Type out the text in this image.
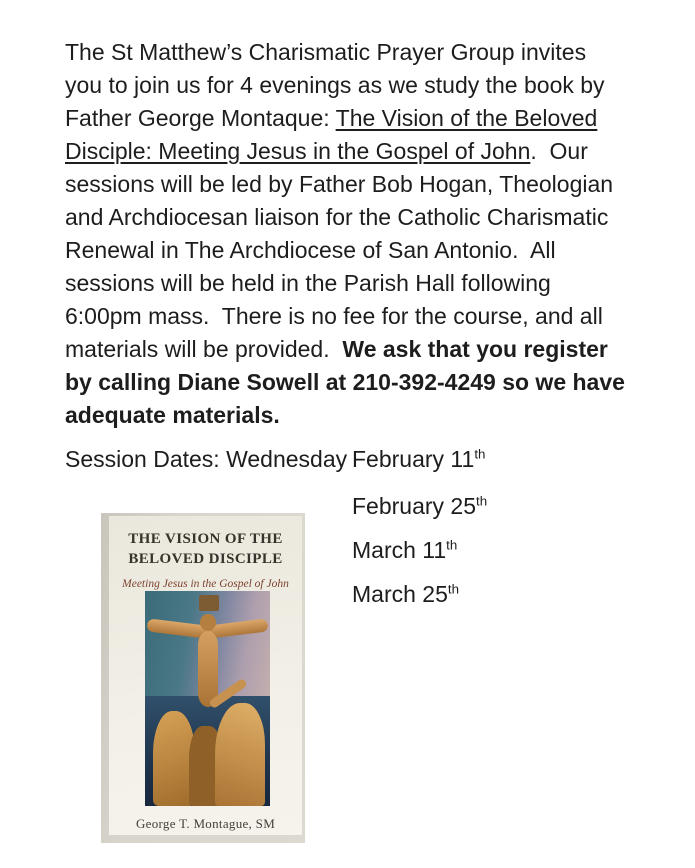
The St Matthew’s Charismatic Prayer Group invites
you to join us for 4 evenings as we study the book by
Father George Montaque: The Vision of the Beloved
Disciple: Meeting Jesus in the Gospel of John.  Our
sessions will be led by Father Bob Hogan, Theologian
and Archdiocesan liaison for the Catholic Charismatic
Renewal in The Archdiocese of San Antonio.  All
sessions will be held in the Parish Hall following
6:00pm mass.  There is no fee for the course, and all
materials will be provided.  We ask that you register
by calling Diane Sowell at 210-392-4249 so we have
adequate materials.
Session Dates: Wednesday February 11th
February 25th
March 11th
March 25th
THE VISION OF THE
BELOVED DISCIPLE
Meeting Jesus in the Gospel of John
George T. Montague, SM
